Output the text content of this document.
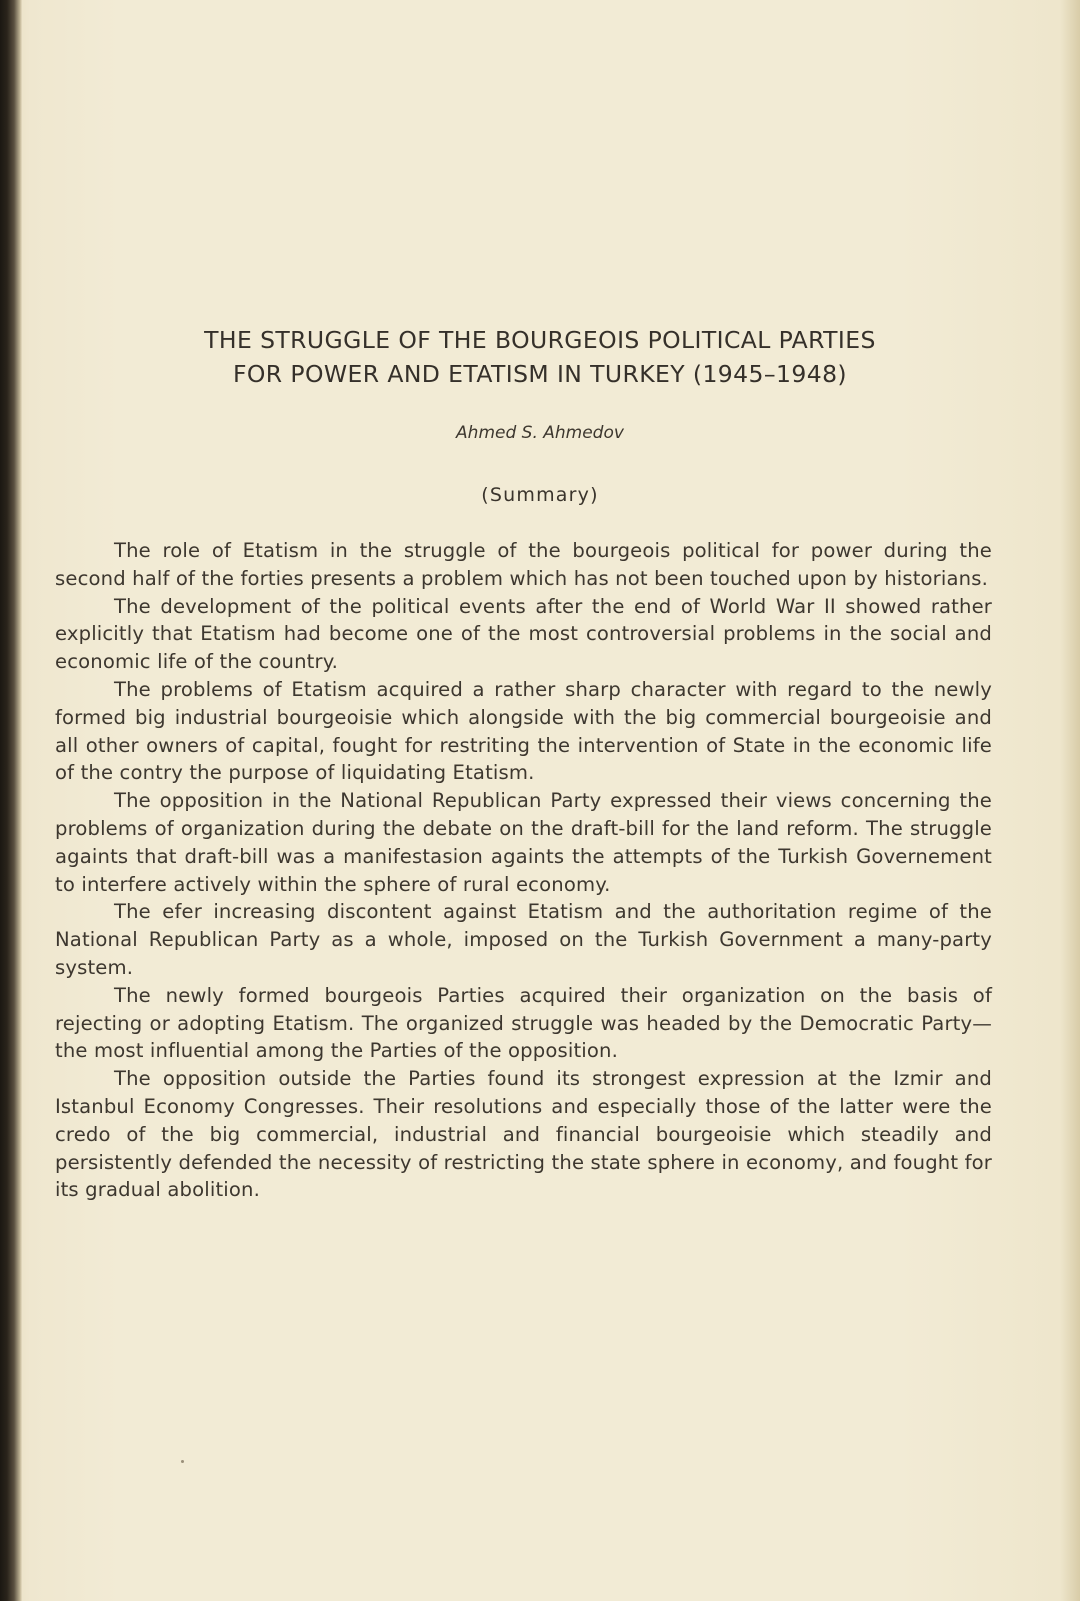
THE STRUGGLE OF THE BOURGEOIS POLITICAL PARTIES
FOR POWER AND ETATISM IN TURKEY (1945–1948)

Ahmed S. Ahmedov

(Summary)

The role of Etatism in the struggle of the bourgeois political for power during the second half of the forties presents a problem which has not been touched upon by historians.

The development of the political events after the end of World War II showed rather explicitly that Etatism had become one of the most controversial problems in the social and economic life of the country.

The problems of Etatism acquired a rather sharp character with regard to the newly formed big industrial bourgeoisie which alongside with the big commercial bourgeoisie and all other owners of capital, fought for restriting the intervention of State in the economic life of the contry the purpose of liquidating Etatism.

The opposition in the National Republican Party expressed their views concerning the problems of organization during the debate on the draft-bill for the land reform. The struggle againts that draft-bill was a manifestasion againts the attempts of the Turkish Governement to interfere actively within the sphere of rural economy.

The efer increasing discontent against Etatism and the authoritation regime of the National Republican Party as a whole, imposed on the Turkish Government a many-party system.

The newly formed bourgeois Parties acquired their organization on the basis of rejecting or adopting Etatism. The organized struggle was headed by the Democratic Party—the most influential among the Parties of the opposition.

The opposition outside the Parties found its strongest expression at the Izmir and Istanbul Economy Congresses. Their resolutions and especially those of the latter were the credo of the big commercial, industrial and financial bourgeoisie which steadily and persistently defended the necessity of restricting the state sphere in economy, and fought for its gradual abolition.
